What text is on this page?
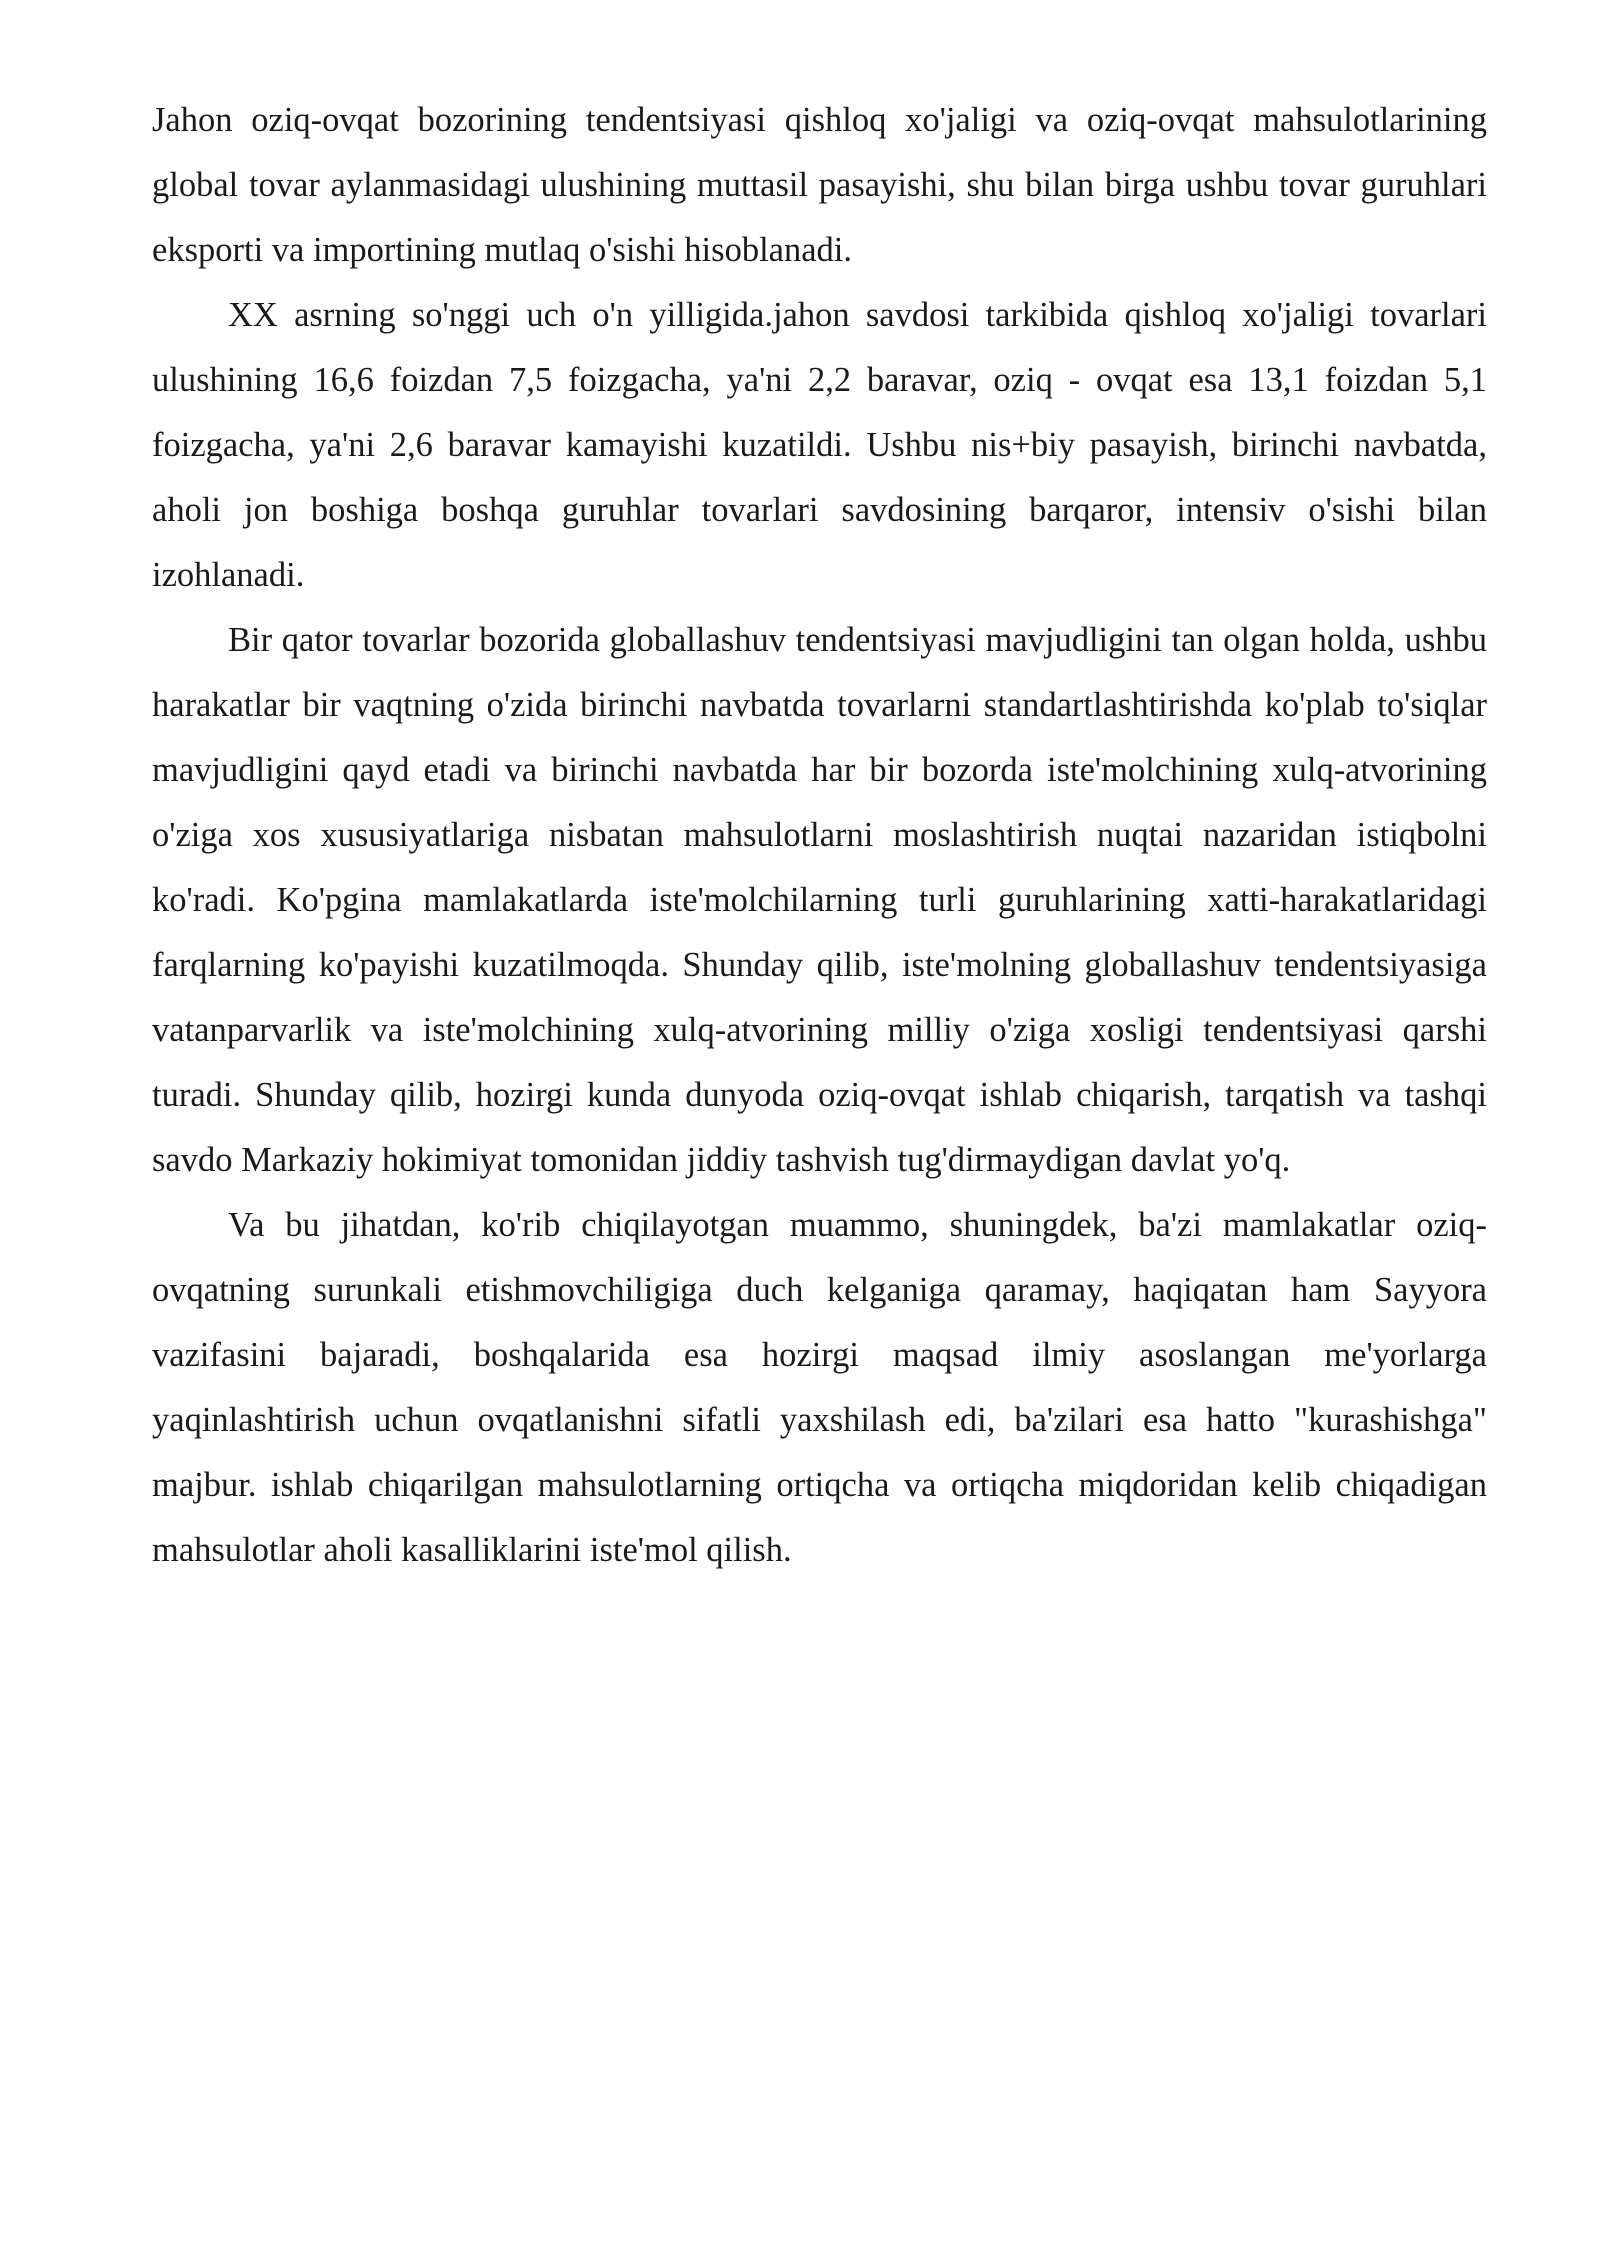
Jahon oziq-ovqat bozorining tendentsiyasi qishloq xo'jaligi va oziq-ovqat mahsulotlarining global tovar aylanmasidagi ulushining muttasil pasayishi, shu bilan birga ushbu tovar guruhlari eksporti va importining mutlaq o'sishi hisoblanadi.

XX asrning so'nggi uch o'n yilligida.jahon savdosi tarkibida qishloq xo'jaligi tovarlari ulushining 16,6 foizdan 7,5 foizgacha, ya'ni 2,2 baravar, oziq - ovqat esa 13,1 foizdan 5,1 foizgacha, ya'ni 2,6 baravar kamayishi kuzatildi. Ushbu nis+biy pasayish, birinchi navbatda, aholi jon boshiga boshqa guruhlar tovarlari savdosining barqaror, intensiv o'sishi bilan izohlanadi.

Bir qator tovarlar bozorida globallashuv tendentsiyasi mavjudligini tan olgan holda, ushbu harakatlar bir vaqtning o'zida birinchi navbatda tovarlarni standartlashtirishda ko'plab to'siqlar mavjudligini qayd etadi va birinchi navbatda har bir bozorda iste'molchining xulq-atvorining o'ziga xos xususiyatlariga nisbatan mahsulotlarni moslashtirish nuqtai nazaridan istiqbolni ko'radi. Ko'pgina mamlakatlarda iste'molchilarning turli guruhlarining xatti-harakatlaridagi farqlarning ko'payishi kuzatilmoqda. Shunday qilib, iste'molning globallashuv tendentsiyasiga vatanparvarlik va iste'molchining xulq-atvorining milliy o'ziga xosligi tendentsiyasi qarshi turadi. Shunday qilib, hozirgi kunda dunyoda oziq-ovqat ishlab chiqarish, tarqatish va tashqi savdo Markaziy hokimiyat tomonidan jiddiy tashvish tug'dirmaydigan davlat yo'q.

Va bu jihatdan, ko'rib chiqilayotgan muammo, shuningdek, ba'zi mamlakatlar oziq-ovqatning surunkali etishmovchiligiga duch kelganiga qaramay, haqiqatan ham Sayyora vazifasini bajaradi, boshqalarida esa hozirgi maqsad ilmiy asoslangan me'yorlarga yaqinlashtirish uchun ovqatlanishni sifatli yaxshilash edi, ba'zilari esa hatto "kurashishga" majbur. ishlab chiqarilgan mahsulotlarning ortiqcha va ortiqcha miqdoridan kelib chiqadigan mahsulotlar aholi kasalliklarini iste'mol qilish.
